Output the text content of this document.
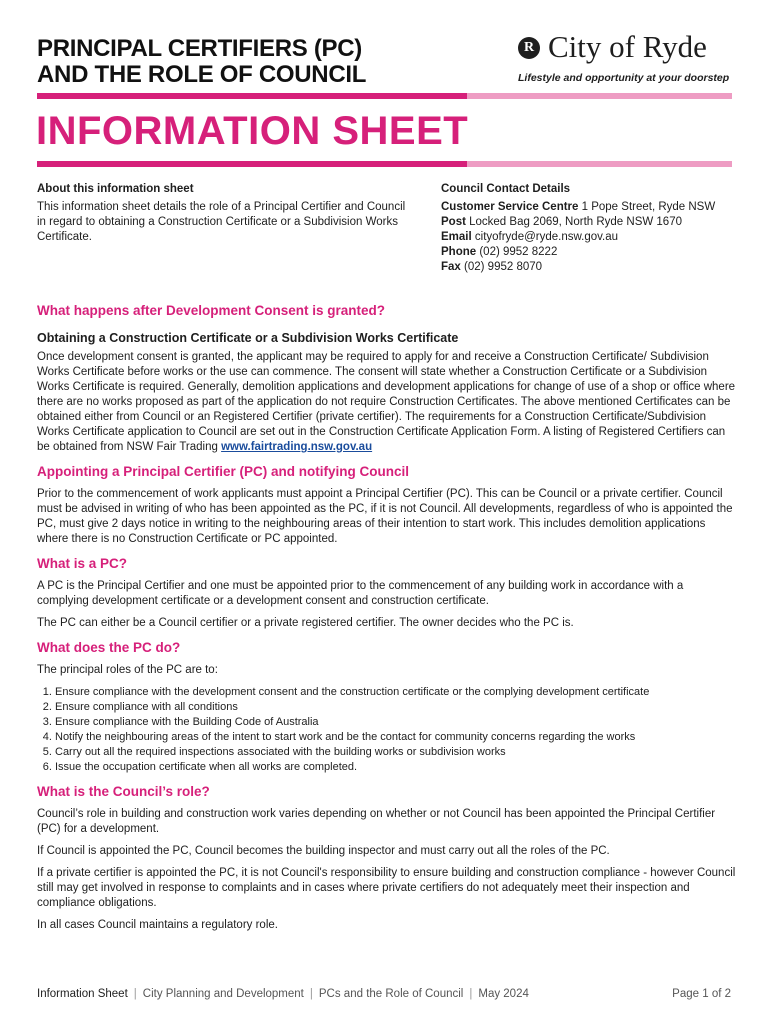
PRINCIPAL CERTIFIERS (PC)
AND THE ROLE OF COUNCIL
R City of Ryde
Lifestyle and opportunity at your doorstep
INFORMATION SHEET
About this information sheet
This information sheet details the role of a Principal Certifier and Council in regard to obtaining a Construction Certificate or a Subdivision Works Certificate.
Council Contact Details
Customer Service Centre 1 Pope Street, Ryde NSW
Post Locked Bag 2069, North Ryde NSW 1670
Email cityofryde@ryde.nsw.gov.au
Phone (02) 9952 8222
Fax (02) 9952 8070
What happens after Development Consent is granted?
Obtaining a Construction Certificate or a Subdivision Works Certificate

Once development consent is granted, the applicant may be required to apply for and receive a Construction Certificate/ Subdivision Works Certificate before works or the use can commence. The consent will state whether a Construction Certificate or a Subdivision Works Certificate is required. Generally, demolition applications and development applications for change of use of a shop or office where there are no works proposed as part of the application do not require Construction Certificates. The above mentioned Certificates can be obtained either from Council or an Registered Certifier (private certifier). The requirements for a Construction Certificate/Subdivision Works Certificate application to Council are set out in the Construction Certificate Application Form. A listing of Registered Certifiers can be obtained from NSW Fair Trading www.fairtrading.nsw.gov.au

Appointing a Principal Certifier (PC) and notifying Council

Prior to the commencement of work applicants must appoint a Principal Certifier (PC). This can be Council or a private certifier. Council must be advised in writing of who has been appointed as the PC, if it is not Council. All developments, regardless of who is appointed the PC, must give 2 days notice in writing to the neighbouring areas of their intention to start work. This includes demolition applications where there is no Construction Certificate or PC appointed.

What is a PC?

A PC is the Principal Certifier and one must be appointed prior to the commencement of any building work in accordance with a complying development certificate or a development consent and construction certificate.

The PC can either be a Council certifier or a private registered certifier. The owner decides who the PC is.

What does the PC do?

The principal roles of the PC are to:

1. Ensure compliance with the development consent and the construction certificate or the complying development certificate
2. Ensure compliance with all conditions
3. Ensure compliance with the Building Code of Australia
4. Notify the neighbouring areas of the intent to start work and be the contact for community concerns regarding the works
5. Carry out all the required inspections associated with the building works or subdivision works
6. Issue the occupation certificate when all works are completed.
What is the Council’s role?

Council’s role in building and construction work varies depending on whether or not Council has been appointed the Principal Certifier (PC) for a development.

If Council is appointed the PC, Council becomes the building inspector and must carry out all the roles of the PC.

If a private certifier is appointed the PC, it is not Council's responsibility to ensure building and construction compliance - however Council still may get involved in response to complaints and in cases where private certifiers do not adequately meet their inspection and compliance obligations.

In all cases Council maintains a regulatory role.

Information Sheet | City Planning and Development | PCs and the Role of Council | May 2024	Page 1 of 2
